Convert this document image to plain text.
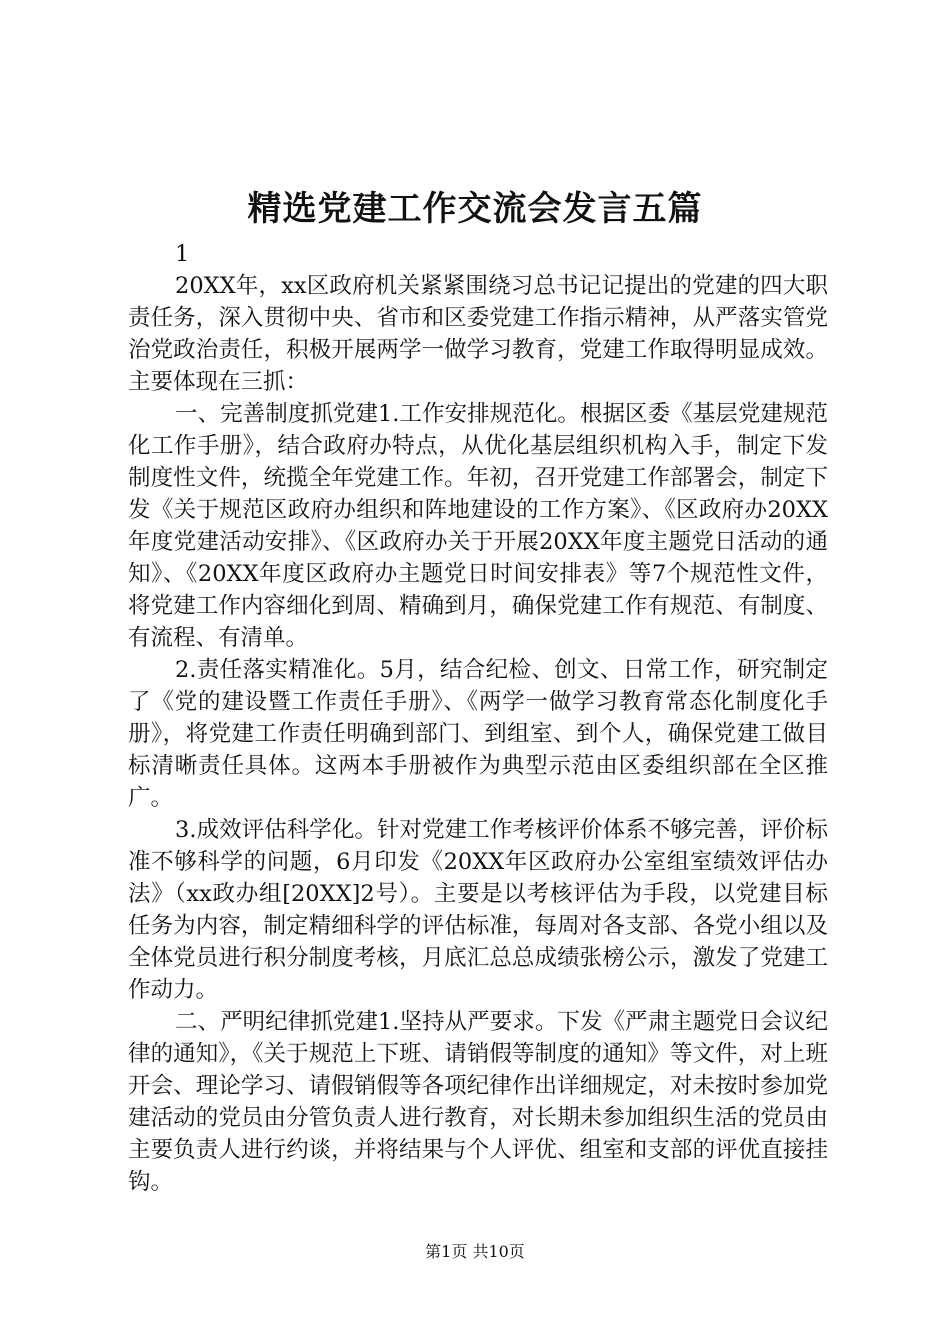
精选党建工作交流会发言五篇

1

20XX年，xx区政府机关紧紧围绕习总书记记提出的党建的四大职责任务，深入贯彻中央、省市和区委党建工作指示精神，从严落实管党治党政治责任，积极开展两学一做学习教育，党建工作取得明显成效。主要体现在三抓：

一、完善制度抓党建1.工作安排规范化。根据区委《基层党建规范化工作手册》，结合政府办特点，从优化基层组织机构入手，制定下发制度性文件，统揽全年党建工作。年初，召开党建工作部署会，制定下发《关于规范区政府办组织和阵地建设的工作方案》、《区政府办20XX年度党建活动安排》、《区政府办关于开展20XX年度主题党日活动的通知》、《20XX年度区政府办主题党日时间安排表》等7个规范性文件，将党建工作内容细化到周、精确到月，确保党建工作有规范、有制度、有流程、有清单。

2.责任落实精准化。5月，结合纪检、创文、日常工作，研究制定了《党的建设暨工作责任手册》、《两学一做学习教育常态化制度化手册》，将党建工作责任明确到部门、到组室、到个人，确保党建工做目标清晰责任具体。这两本手册被作为典型示范由区委组织部在全区推广。

3.成效评估科学化。针对党建工作考核评价体系不够完善，评价标准不够科学的问题，6月印发《20XX年区政府办公室组室绩效评估办法》（xx政办组[20XX]2号）。主要是以考核评估为手段，以党建目标任务为内容，制定精细科学的评估标准，每周对各支部、各党小组以及全体党员进行积分制度考核，月底汇总总成绩张榜公示，激发了党建工作动力。

二、严明纪律抓党建1.坚持从严要求。下发《严肃主题党日会议纪律的通知》，《关于规范上下班、请销假等制度的通知》等文件，对上班开会、理论学习、请假销假等各项纪律作出详细规定，对未按时参加党建活动的党员由分管负责人进行教育，对长期未参加组织生活的党员由主要负责人进行约谈，并将结果与个人评优、组室和支部的评优直接挂钩。

第1页 共10页
